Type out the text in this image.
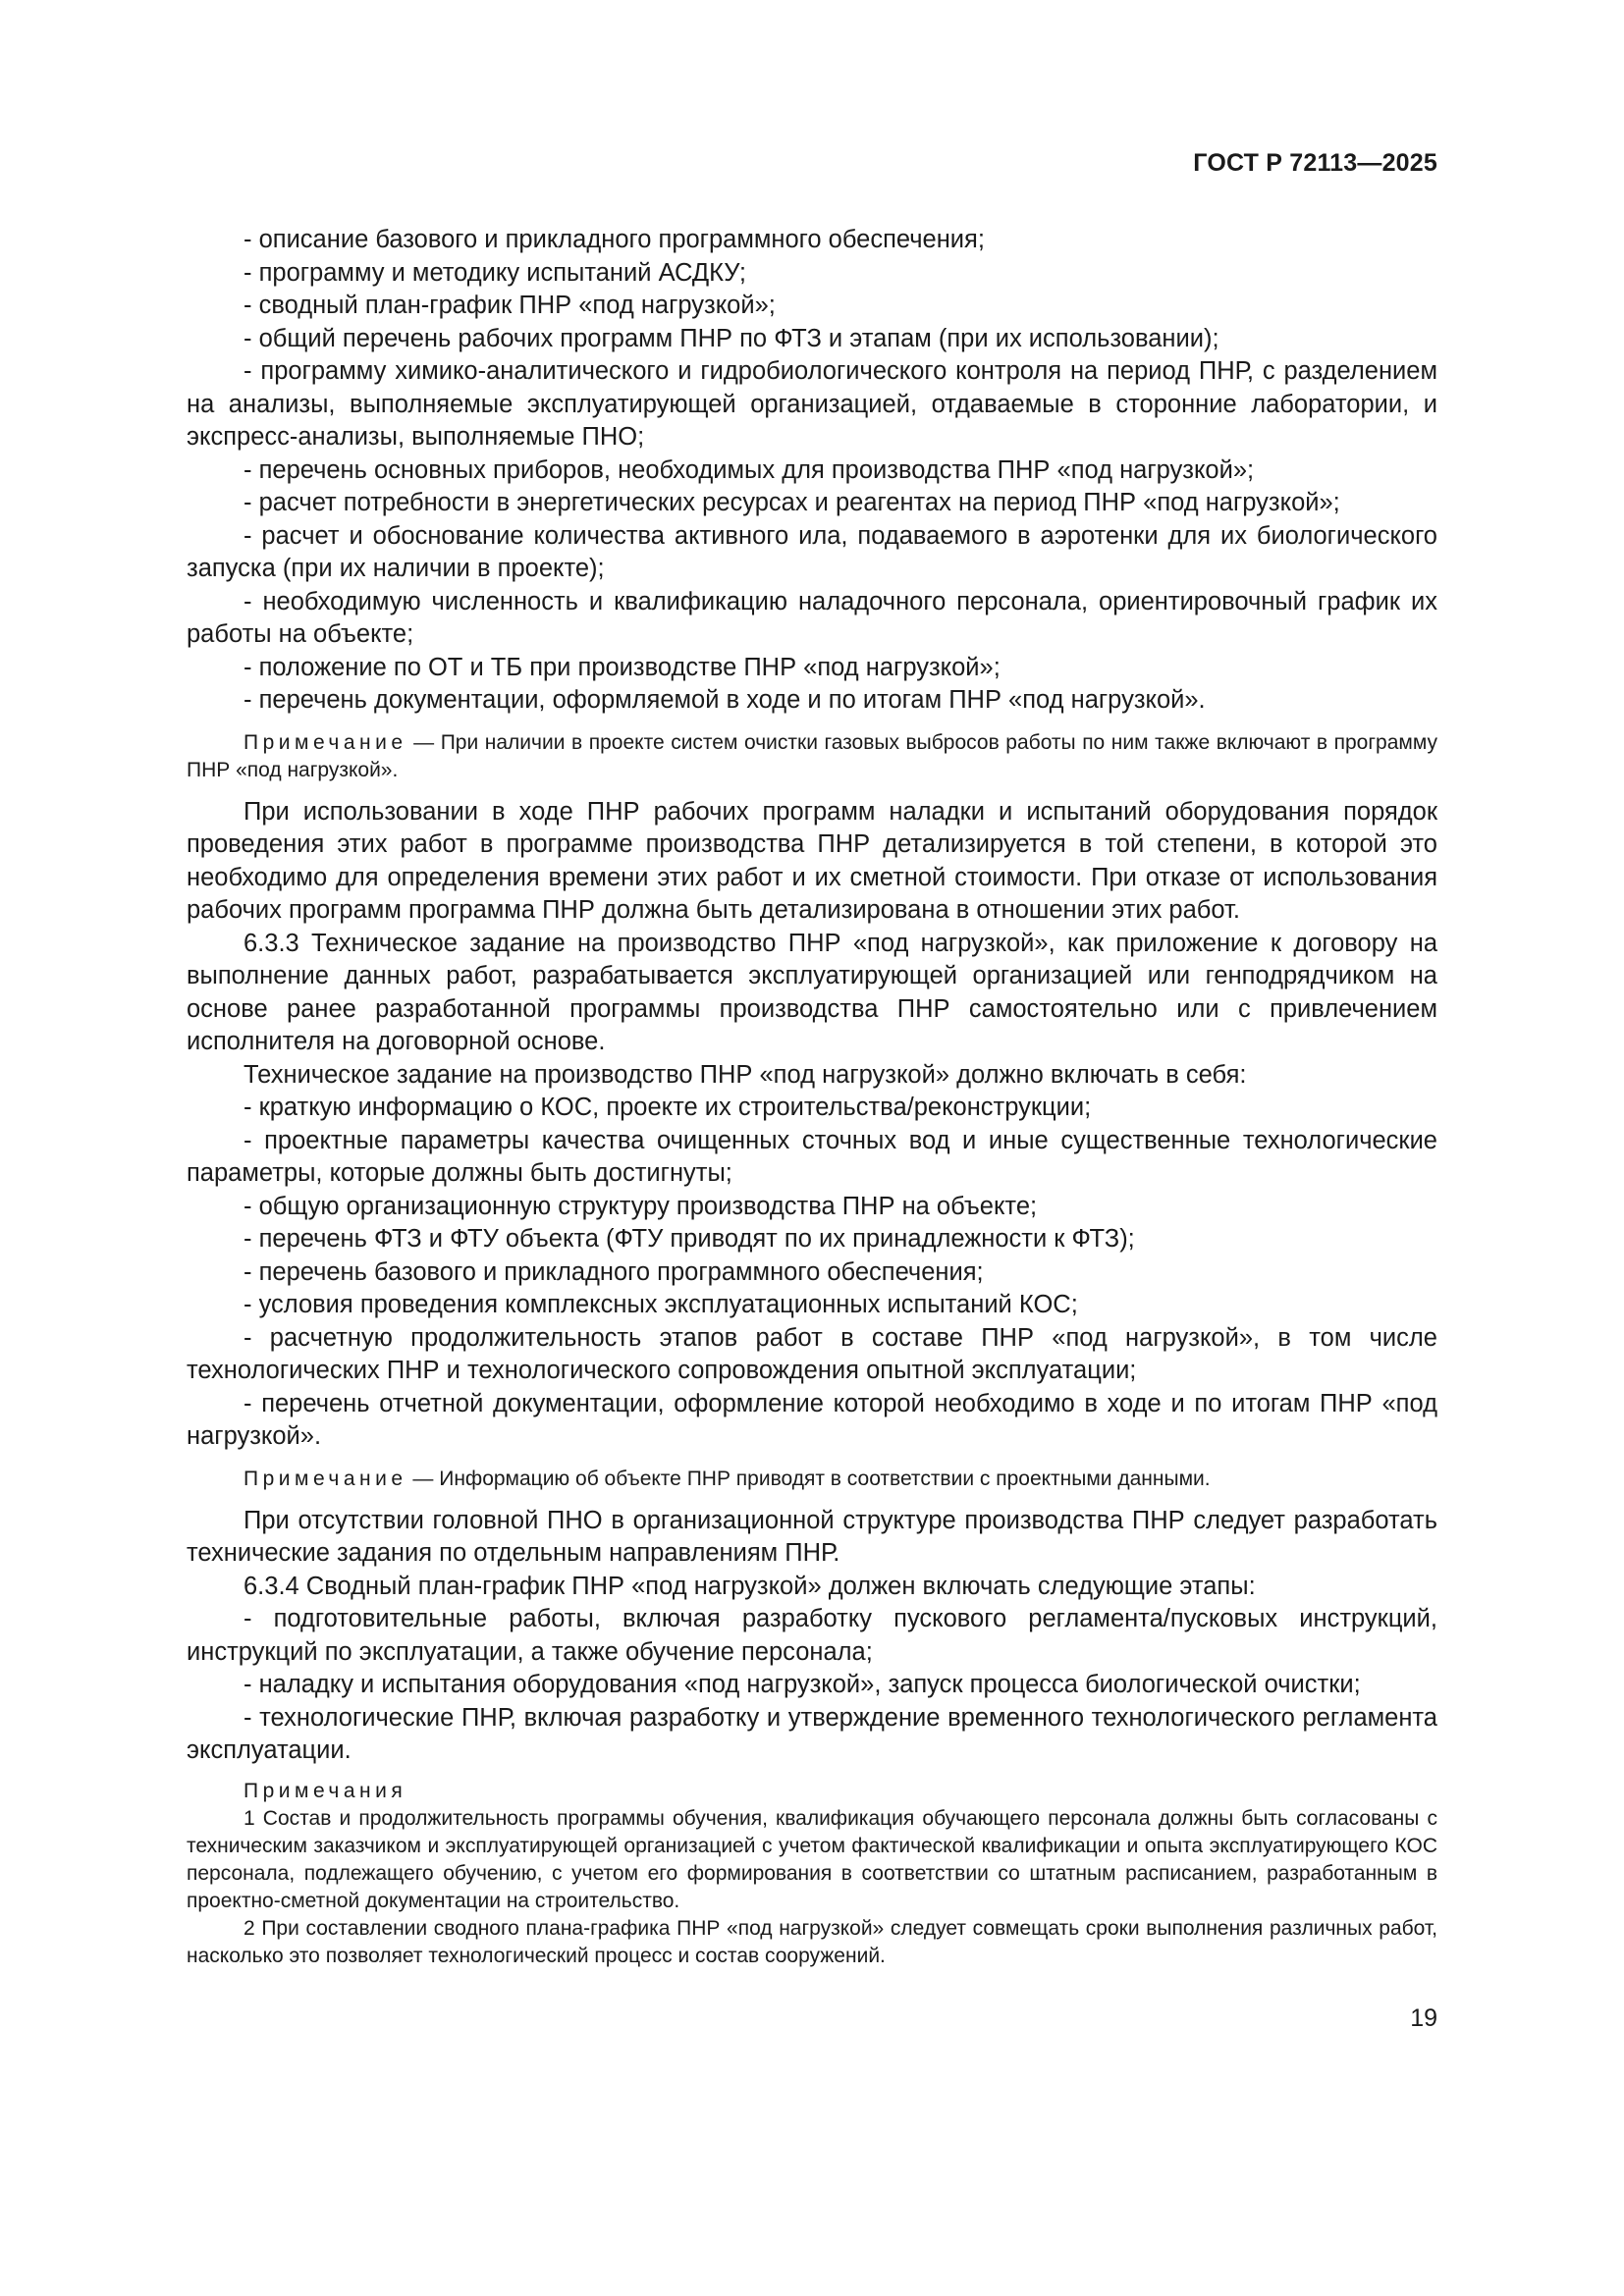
ГОСТ Р 72113—2025

- описание базового и прикладного программного обеспечения;

- программу и методику испытаний АСДКУ;

- сводный план-график ПНР «под нагрузкой»;

- общий перечень рабочих программ ПНР по ФТЗ и этапам (при их использовании);

- программу химико-аналитического и гидробиологического контроля на период ПНР, с разделением на анализы, выполняемые эксплуатирующей организацией, отдаваемые в сторонние лаборатории, и экспресс-анализы, выполняемые ПНО;

- перечень основных приборов, необходимых для производства ПНР «под нагрузкой»;

- расчет потребности в энергетических ресурсах и реагентах на период ПНР «под нагрузкой»;

- расчет и обоснование количества активного ила, подаваемого в аэротенки для их биологического запуска (при их наличии в проекте);

- необходимую численность и квалификацию наладочного персонала, ориентировочный график их работы на объекте;

- положение по ОТ и ТБ при производстве ПНР «под нагрузкой»;

- перечень документации, оформляемой в ходе и по итогам ПНР «под нагрузкой».

Примечание — При наличии в проекте систем очистки газовых выбросов работы по ним также включают в программу ПНР «под нагрузкой».

При использовании в ходе ПНР рабочих программ наладки и испытаний оборудования порядок проведения этих работ в программе производства ПНР детализируется в той степени, в которой это необходимо для определения времени этих работ и их сметной стоимости. При отказе от использования рабочих программ программа ПНР должна быть детализирована в отношении этих работ.

6.3.3 Техническое задание на производство ПНР «под нагрузкой», как приложение к договору на выполнение данных работ, разрабатывается эксплуатирующей организацией или генподрядчиком на основе ранее разработанной программы производства ПНР самостоятельно или с привлечением исполнителя на договорной основе.

Техническое задание на производство ПНР «под нагрузкой» должно включать в себя:

- краткую информацию о КОС, проекте их строительства/реконструкции;

- проектные параметры качества очищенных сточных вод и иные существенные технологические параметры, которые должны быть достигнуты;

- общую организационную структуру производства ПНР на объекте;

- перечень ФТЗ и ФТУ объекта (ФТУ приводят по их принадлежности к ФТЗ);

- перечень базового и прикладного программного обеспечения;

- условия проведения комплексных эксплуатационных испытаний КОС;

- расчетную продолжительность этапов работ в составе ПНР «под нагрузкой», в том числе технологических ПНР и технологического сопровождения опытной эксплуатации;

- перечень отчетной документации, оформление которой необходимо в ходе и по итогам ПНР «под нагрузкой».

Примечание — Информацию об объекте ПНР приводят в соответствии с проектными данными.

При отсутствии головной ПНО в организационной структуре производства ПНР следует разработать технические задания по отдельным направлениям ПНР.

6.3.4 Сводный план-график ПНР «под нагрузкой» должен включать следующие этапы:

- подготовительные работы, включая разработку пускового регламента/пусковых инструкций, инструкций по эксплуатации, а также обучение персонала;

- наладку и испытания оборудования «под нагрузкой», запуск процесса биологической очистки;

- технологические ПНР, включая разработку и утверждение временного технологического регламента эксплуатации.

Примечания

1 Состав и продолжительность программы обучения, квалификация обучающего персонала должны быть согласованы с техническим заказчиком и эксплуатирующей организацией с учетом фактической квалификации и опыта эксплуатирующего КОС персонала, подлежащего обучению, с учетом его формирования в соответствии со штатным расписанием, разработанным в проектно-сметной документации на строительство.

2 При составлении сводного плана-графика ПНР «под нагрузкой» следует совмещать сроки выполнения различных работ, насколько это позволяет технологический процесс и состав сооружений.

19
